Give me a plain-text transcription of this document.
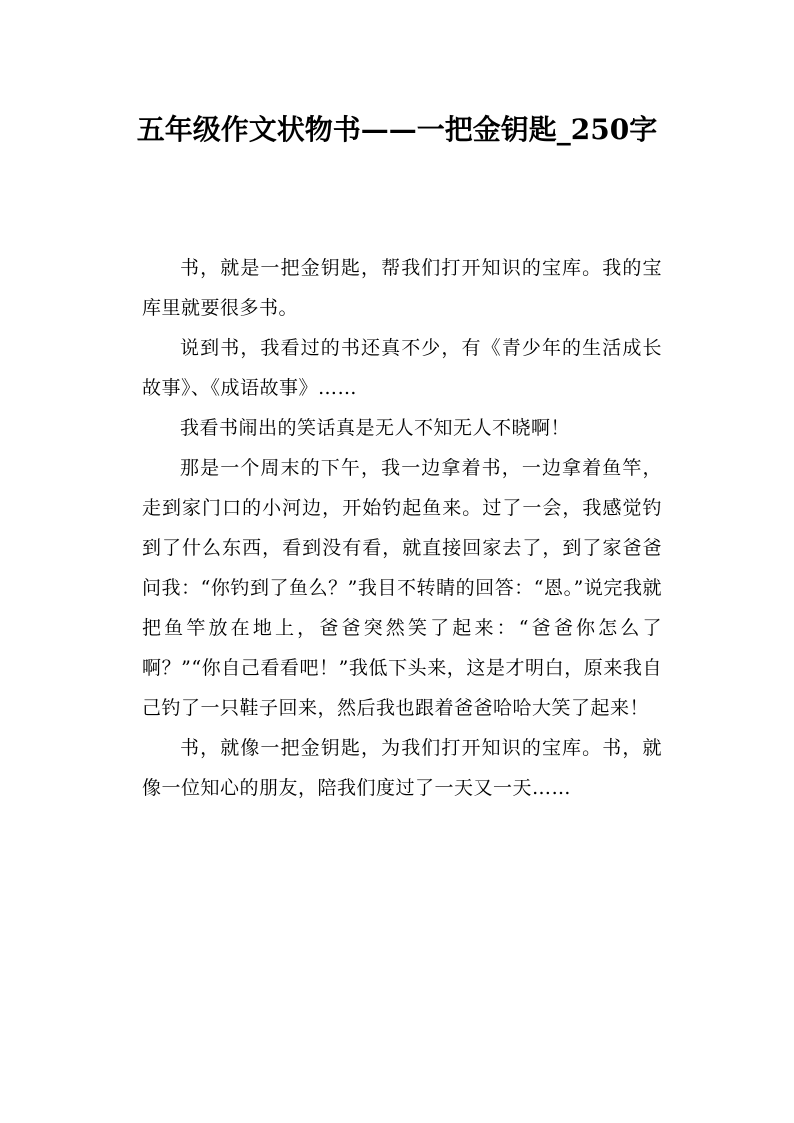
五年级作文状物书——一把金钥匙_250字

书，就是一把金钥匙，帮我们打开知识的宝库。我的宝库里就要很多书。

说到书，我看过的书还真不少，有《青少年的生活成长故事》、《成语故事》……

我看书闹出的笑话真是无人不知无人不晓啊！

那是一个周末的下午，我一边拿着书，一边拿着鱼竿，走到家门口的小河边，开始钓起鱼来。过了一会，我感觉钓到了什么东西，看到没有看，就直接回家去了，到了家爸爸问我：“你钓到了鱼么？”我目不转睛的回答：“恩。”说完我就把鱼竿放在地上，爸爸突然笑了起来：“爸爸你怎么了啊？”“你自己看看吧！”我低下头来，这是才明白，原来我自己钓了一只鞋子回来，然后我也跟着爸爸哈哈大笑了起来！

书，就像一把金钥匙，为我们打开知识的宝库。书，就像一位知心的朋友，陪我们度过了一天又一天……
